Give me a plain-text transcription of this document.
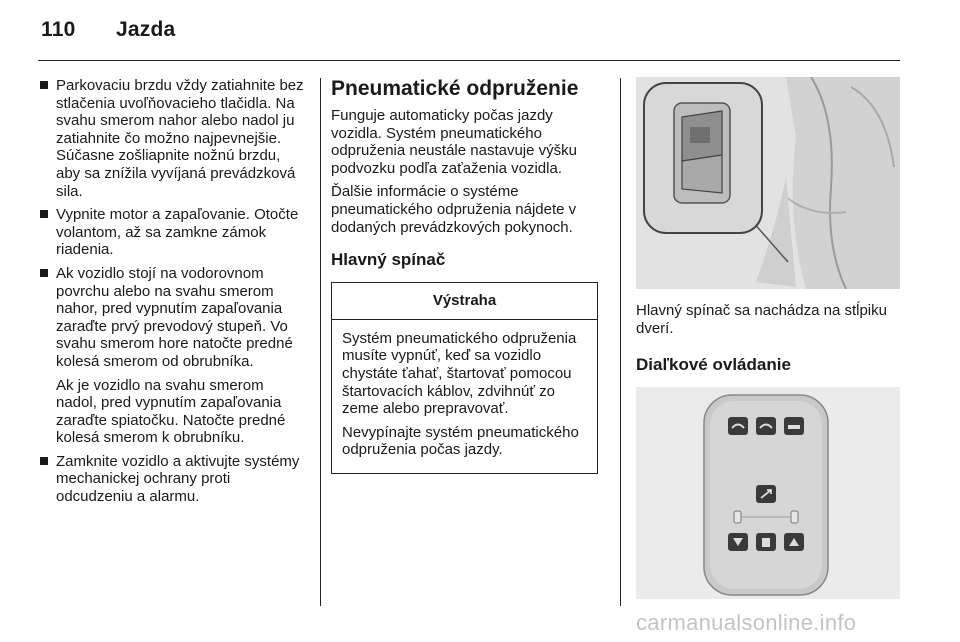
110 Jazda

Parkovaciu brzdu vždy zatiahnite bez stlačenia uvoľňovacieho tlačidla. Na svahu smerom nahor alebo nadol ju zatiahnite čo možno najpevnejšie. Súčasne zošliapnite nožnú brzdu, aby sa znížila vyvíjaná prevádzková sila.

Vypnite motor a zapaľovanie. Otočte volantom, až sa zamkne zámok riadenia.

Ak vozidlo stojí na vodorovnom povrchu alebo na svahu smerom nahor, pred vypnutím zapaľovania zaraďte prvý prevodový stupeň. Vo svahu smerom hore natočte predné kolesá smerom od obrubníka.

Ak je vozidlo na svahu smerom nadol, pred vypnutím zapaľovania zaraďte spiatočku. Natočte predné kolesá smerom k obrubníku.

Zamknite vozidlo a aktivujte systémy mechanickej ochrany proti odcudzeniu a alarmu.

Pneumatické odpruženie

Funguje automaticky počas jazdy vozidla. Systém pneumatického odpruženia neustále nastavuje výšku podvozku podľa zaťaženia vozidla.

Ďalšie informácie o systéme pneumatického odpruženia nájdete v dodaných prevádzkových pokynoch.

Hlavný spínač
Výstraha

Systém pneumatického odpruženia musíte vypnúť, keď sa vozidlo chystáte ťahať, štartovať pomocou štartovacích káblov, zdvihnúť zo zeme alebo prepravovať.

Nevypínajte systém pneumatického odpruženia počas jazdy.

Hlavný spínač sa nachádza na stĺpiku dverí.

Diaľkové ovládanie
carmanualsonline.info
